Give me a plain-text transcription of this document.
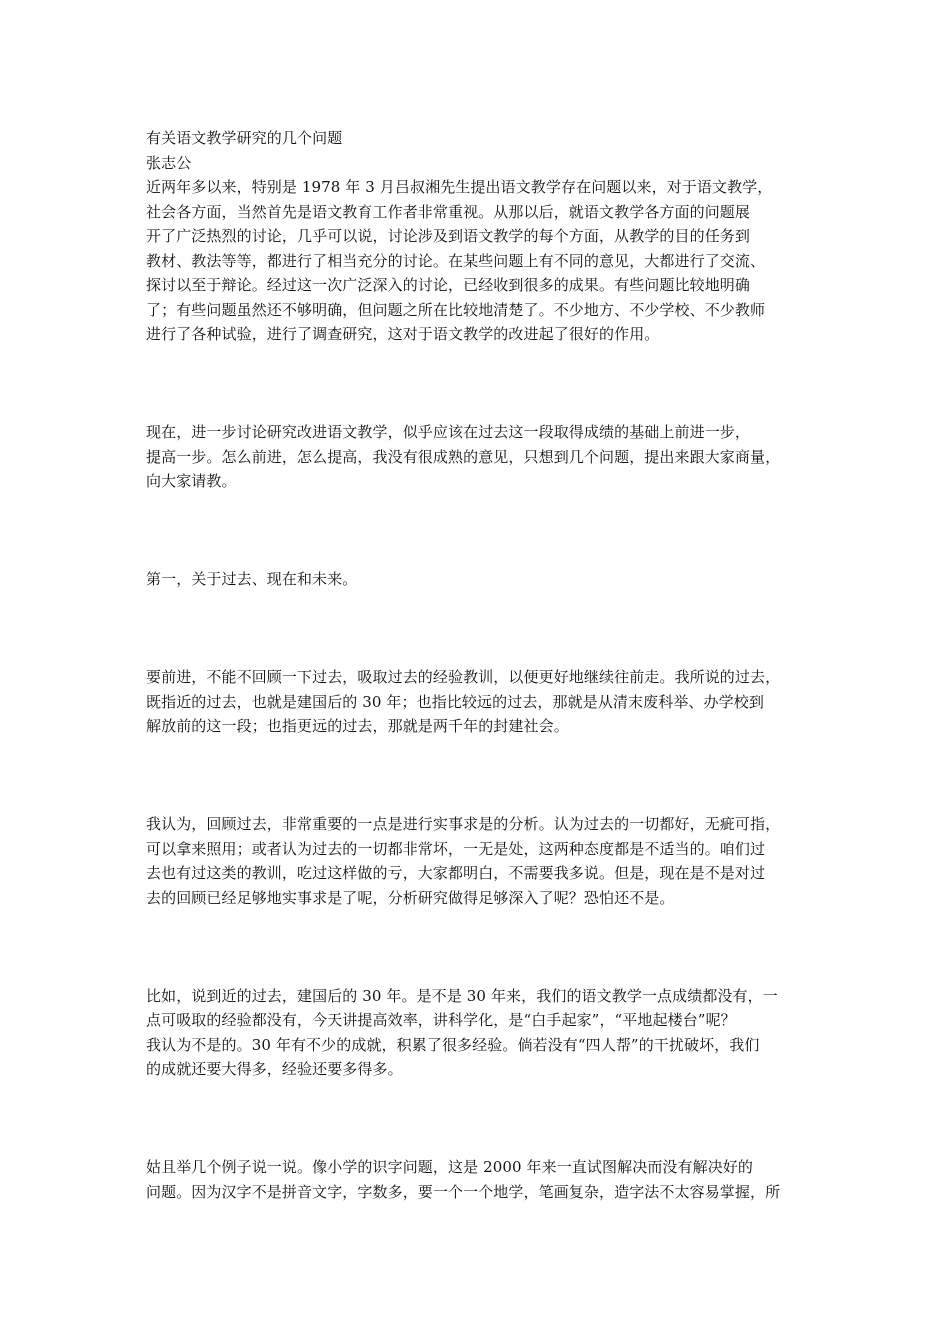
有关语文教学研究的几个问题
张志公
近两年多以来，特别是 1978 年 3 月吕叔湘先生提出语文教学存在问题以来，对于语文教学，
社会各方面，当然首先是语文教育工作者非常重视。从那以后，就语文教学各方面的问题展
开了广泛热烈的讨论，几乎可以说，讨论涉及到语文教学的每个方面，从教学的目的任务到
教材、教法等等，都进行了相当充分的讨论。在某些问题上有不同的意见，大都进行了交流、
探讨以至于辩论。经过这一次广泛深入的讨论，已经收到很多的成果。有些问题比较地明确
了；有些问题虽然还不够明确，但问题之所在比较地清楚了。不少地方、不少学校、不少教师
进行了各种试验，进行了调查研究，这对于语文教学的改进起了很好的作用。
现在，进一步讨论研究改进语文教学，似乎应该在过去这一段取得成绩的基础上前进一步，
提高一步。怎么前进，怎么提高，我没有很成熟的意见，只想到几个问题，提出来跟大家商量，
向大家请教。
第一，关于过去、现在和未来。
要前进，不能不回顾一下过去，吸取过去的经验教训，以便更好地继续往前走。我所说的过去，
既指近的过去，也就是建国后的 30 年；也指比较远的过去，那就是从清末废科举、办学校到
解放前的这一段；也指更远的过去，那就是两千年的封建社会。
我认为，回顾过去，非常重要的一点是进行实事求是的分析。认为过去的一切都好，无疵可指，
可以拿来照用；或者认为过去的一切都非常坏，一无是处，这两种态度都是不适当的。咱们过
去也有过这类的教训，吃过这样做的亏，大家都明白，不需要我多说。但是，现在是不是对过
去的回顾已经足够地实事求是了呢，分析研究做得足够深入了呢？恐怕还不是。
比如，说到近的过去，建国后的 30 年。是不是 30 年来，我们的语文教学一点成绩都没有，一
点可吸取的经验都没有，今天讲提高效率，讲科学化，是“白手起家”，“平地起楼台”呢？
我认为不是的。30 年有不少的成就，积累了很多经验。倘若没有“四人帮”的干扰破坏，我们
的成就还要大得多，经验还要多得多。
姑且举几个例子说一说。像小学的识字问题，这是 2000 年来一直试图解决而没有解决好的
问题。因为汉字不是拼音文字，字数多，要一个一个地学，笔画复杂，造字法不太容易掌握，所
